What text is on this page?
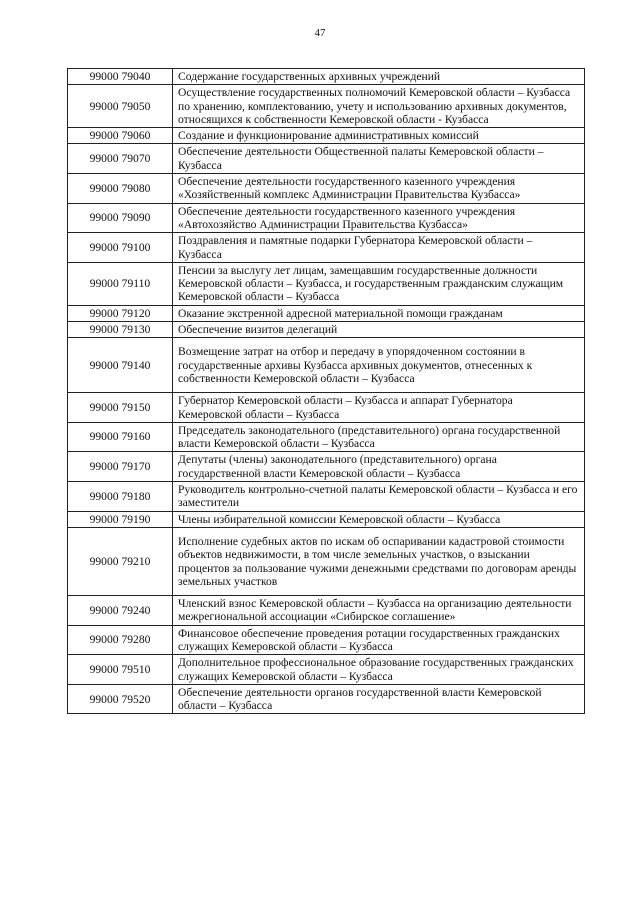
47
99000 79040	Содержание государственных архивных учреждений
99000 79050	Осуществление государственных полномочий Кемеровской области – Кузбасса по хранению, комплектованию, учету и использованию архивных документов, относящихся к собственности Кемеровской области - Кузбасса
99000 79060	Создание и функционирование административных комиссий
99000 79070	Обеспечение деятельности Общественной палаты Кемеровской области – Кузбасса
99000 79080	Обеспечение деятельности государственного казенного учреждения «Хозяйственный комплекс Администрации Правительства Кузбасса»
99000 79090	Обеспечение деятельности государственного казенного учреждения «Автохозяйство Администрации Правительства Кузбасса»
99000 79100	Поздравления и памятные подарки Губернатора Кемеровской области – Кузбасса
99000 79110	Пенсии за выслугу лет лицам, замещавшим государственные должности Кемеровской области – Кузбасса, и государственным гражданским служащим Кемеровской области – Кузбасса
99000 79120	Оказание экстренной адресной материальной помощи гражданам
99000 79130	Обеспечение визитов делегаций
99000 79140	Возмещение затрат на отбор и передачу в упорядоченном состоянии в государственные архивы Кузбасса архивных документов, отнесенных к собственности Кемеровской области – Кузбасса
99000 79150	Губернатор Кемеровской области – Кузбасса и аппарат Губернатора Кемеровской области – Кузбасса
99000 79160	Председатель законодательного (представительного) органа государственной власти Кемеровской области – Кузбасса
99000 79170	Депутаты (члены) законодательного (представительного) органа государственной власти Кемеровской области – Кузбасса
99000 79180	Руководитель контрольно-счетной палаты Кемеровской области – Кузбасса и его заместители
99000 79190	Члены избирательной комиссии Кемеровской области – Кузбасса
99000 79210	Исполнение судебных актов по искам об оспаривании кадастровой стоимости объектов недвижимости, в том числе земельных участков, о взыскании процентов за пользование чужими денежными средствами по договорам аренды земельных участков
99000 79240	Членский взнос Кемеровской области – Кузбасса на организацию деятельности межрегиональной ассоциации «Сибирское соглашение»
99000 79280	Финансовое обеспечение проведения ротации государственных гражданских служащих Кемеровской области – Кузбасса
99000 79510	Дополнительное профессиональное образование государственных гражданских служащих Кемеровской области – Кузбасса
99000 79520	Обеспечение деятельности органов государственной власти Кемеровской области – Кузбасса
